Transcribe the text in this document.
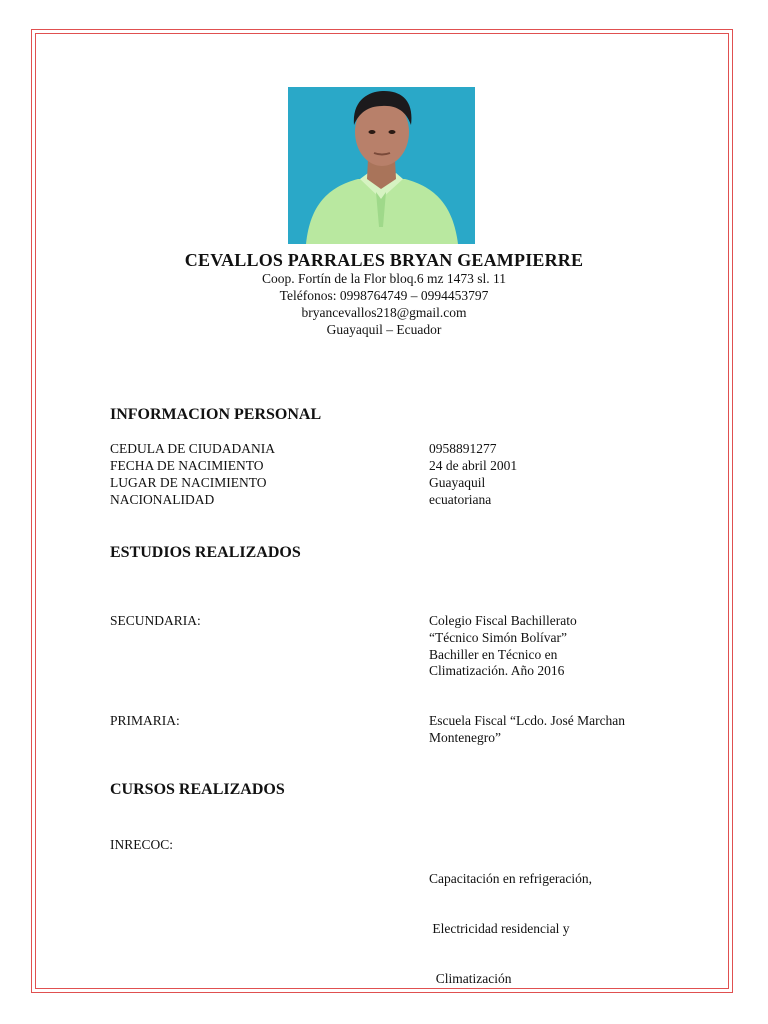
CEVALLOS PARRALES BRYAN GEAMPIERRE
Coop. Fortín de la Flor bloq.6 mz 1473 sl. 11
Teléfonos: 0998764749 – 0994453797
bryancevallos218@gmail.com
Guayaquil – Ecuador
INFORMACION PERSONAL
CEDULA DE CIUDADANIA	0958891277
FECHA DE NACIMIENTO	24 de abril 2001
LUGAR DE NACIMIENTO	Guayaquil
NACIONALIDAD	ecuatoriana
ESTUDIOS REALIZADOS
SECUNDARIA:	Colegio Fiscal Bachillerato
“Técnico Simón Bolívar”
Bachiller en Técnico en
Climatización. Año 2016
PRIMARIA:	Escuela Fiscal “Lcdo. José Marchan
Montenegro”
CURSOS REALIZADOS
INRECOC:

Capacitación en refrigeración,

Electricidad residencial y

Climatización
